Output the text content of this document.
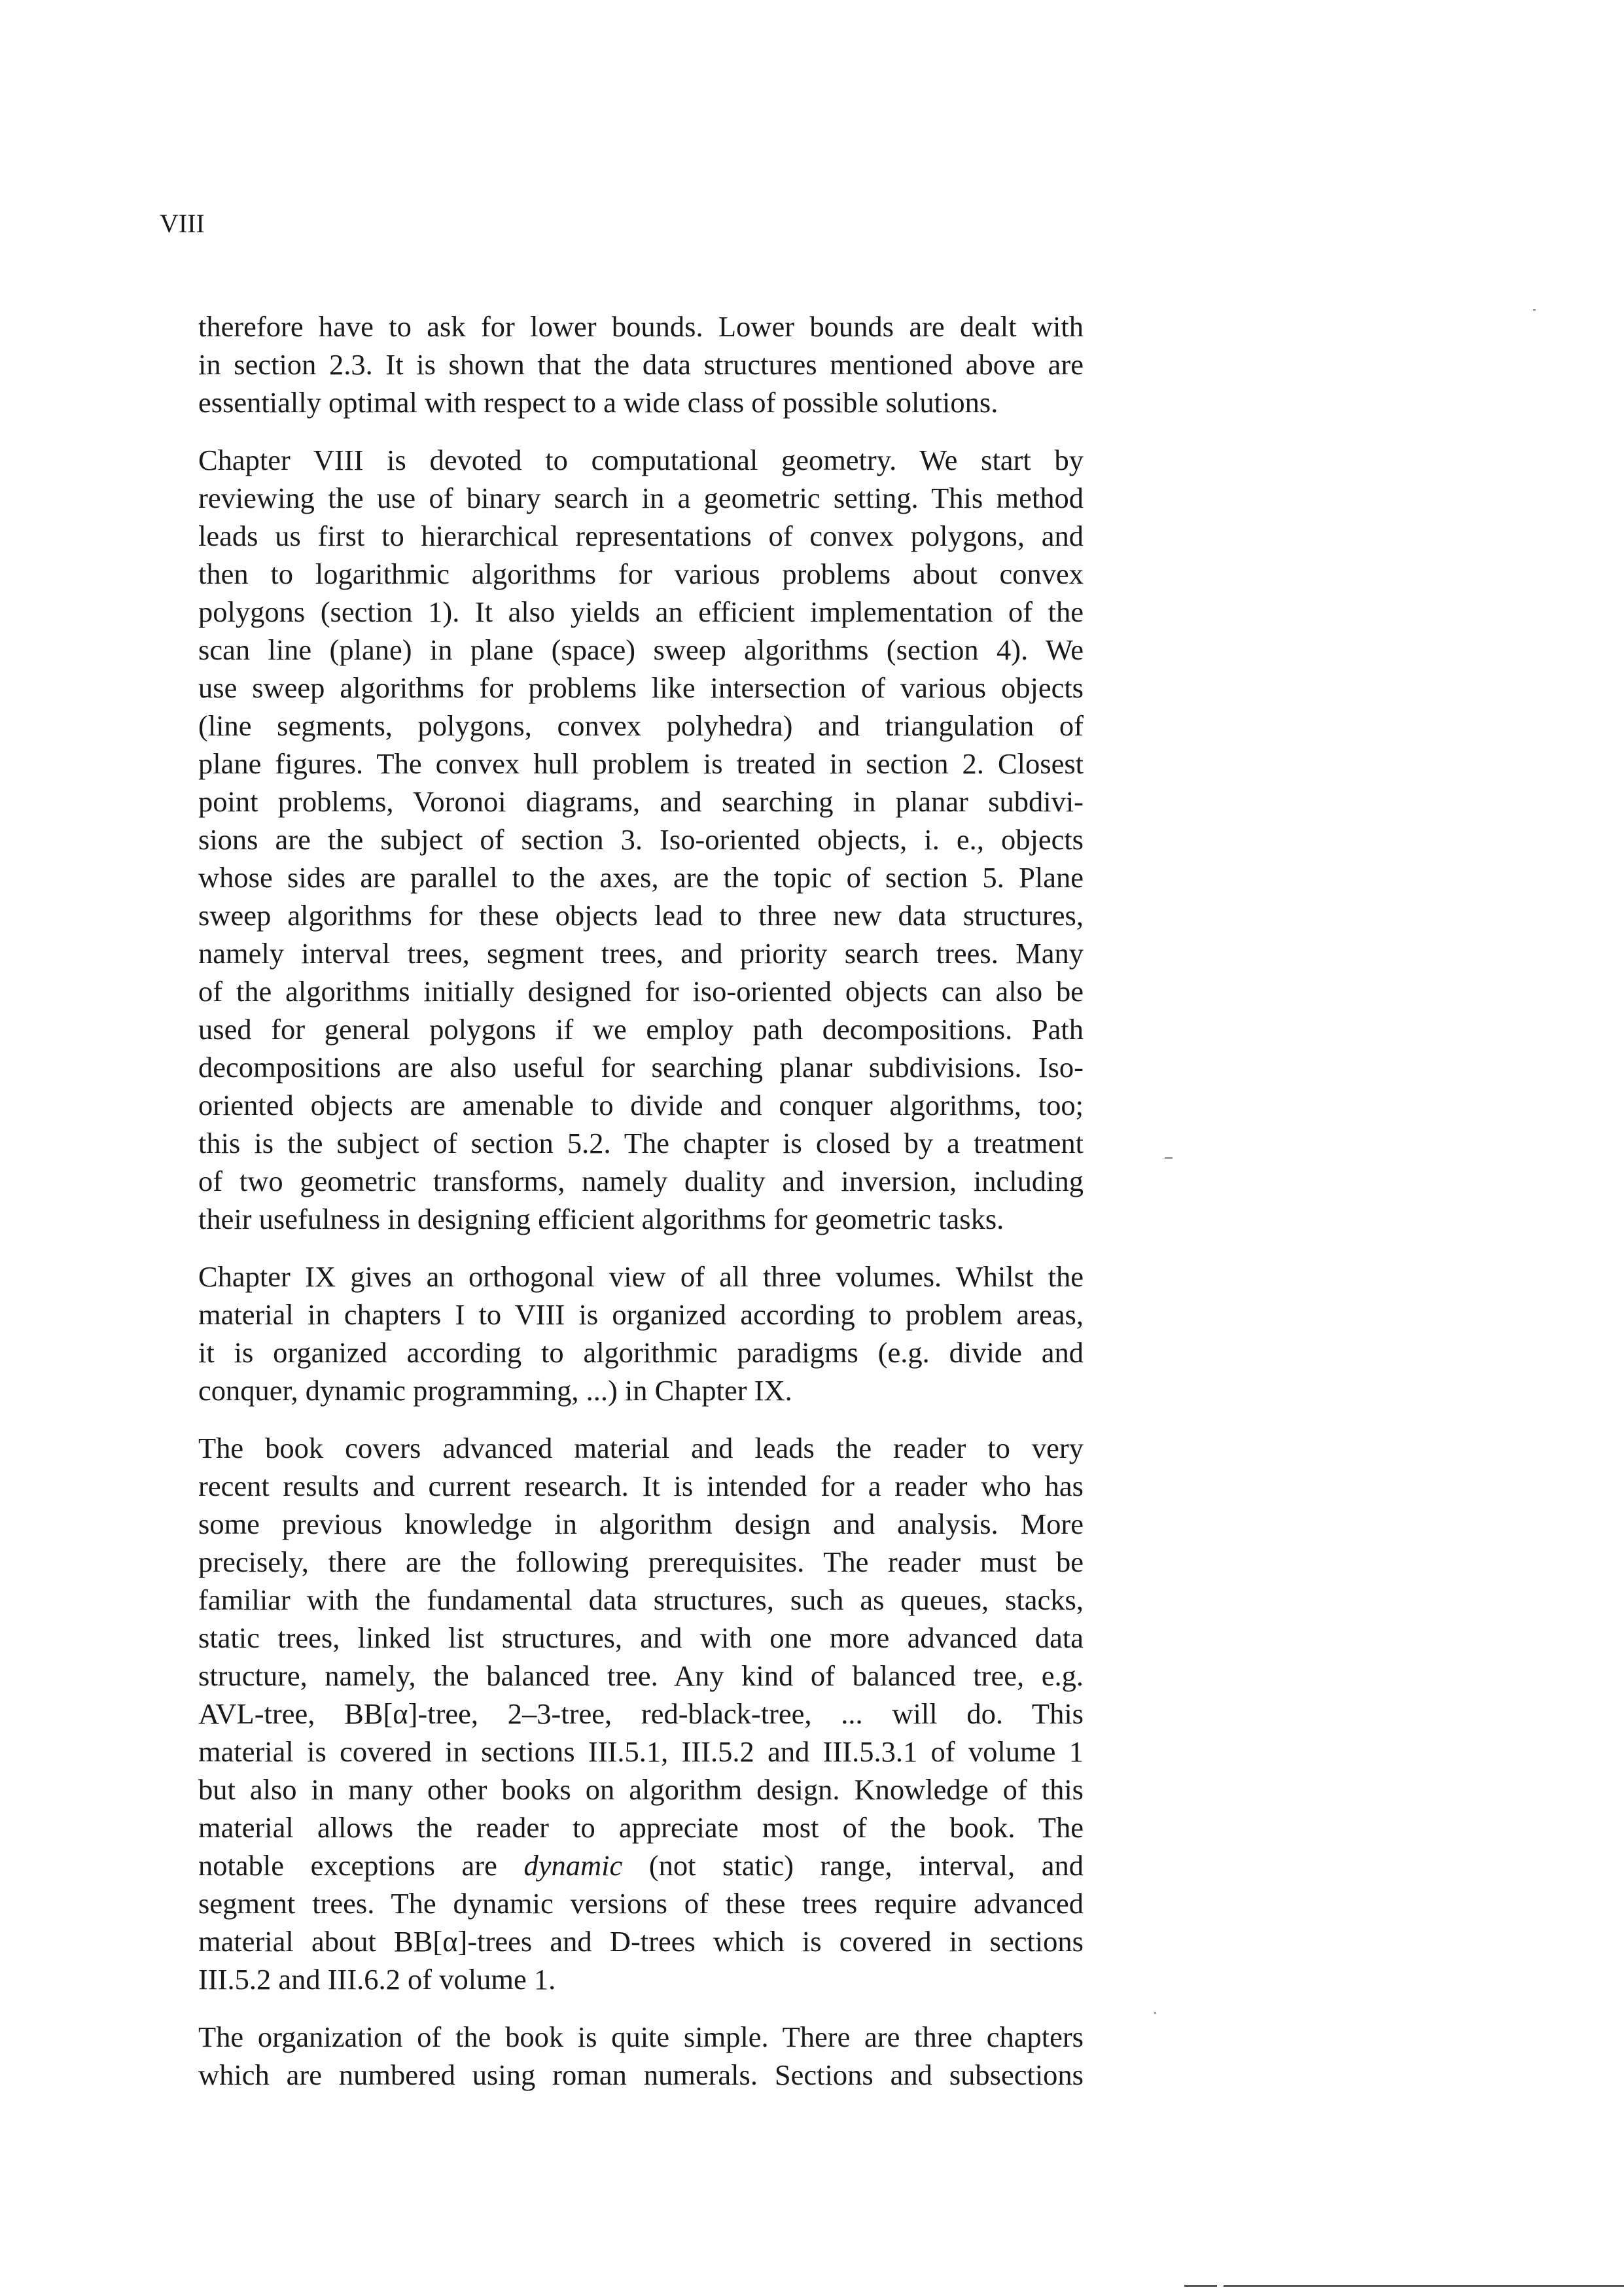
VIII

therefore have to ask for lower bounds. Lower bounds are dealt with
in section 2.3. It is shown that the data structures mentioned above are
essentially optimal with respect to a wide class of possible solutions.

Chapter VIII is devoted to computational geometry. We start by
reviewing the use of binary search in a geometric setting. This method
leads us first to hierarchical representations of convex polygons, and
then to logarithmic algorithms for various problems about convex
polygons (section 1). It also yields an efficient implementation of the
scan line (plane) in plane (space) sweep algorithms (section 4). We
use sweep algorithms for problems like intersection of various objects
(line segments, polygons, convex polyhedra) and triangulation of
plane figures. The convex hull problem is treated in section 2. Closest
point problems, Voronoi diagrams, and searching in planar subdivi-
sions are the subject of section 3. Iso-oriented objects, i. e., objects
whose sides are parallel to the axes, are the topic of section 5. Plane
sweep algorithms for these objects lead to three new data structures,
namely interval trees, segment trees, and priority search trees. Many
of the algorithms initially designed for iso-oriented objects can also be
used for general polygons if we employ path decompositions. Path
decompositions are also useful for searching planar subdivisions. Iso-
oriented objects are amenable to divide and conquer algorithms, too;
this is the subject of section 5.2. The chapter is closed by a treatment
of two geometric transforms, namely duality and inversion, including
their usefulness in designing efficient algorithms for geometric tasks.

Chapter IX gives an orthogonal view of all three volumes. Whilst the
material in chapters I to VIII is organized according to problem areas,
it is organized according to algorithmic paradigms (e.g. divide and
conquer, dynamic programming, ...) in Chapter IX.

The book covers advanced material and leads the reader to very
recent results and current research. It is intended for a reader who has
some previous knowledge in algorithm design and analysis. More
precisely, there are the following prerequisites. The reader must be
familiar with the fundamental data structures, such as queues, stacks,
static trees, linked list structures, and with one more advanced data
structure, namely, the balanced tree. Any kind of balanced tree, e.g.
AVL-tree, BB[α]-tree, 2–3-tree, red-black-tree, ... will do. This
material is covered in sections III.5.1, III.5.2 and III.5.3.1 of volume 1
but also in many other books on algorithm design. Knowledge of this
material allows the reader to appreciate most of the book. The
notable exceptions are dynamic (not static) range, interval, and
segment trees. The dynamic versions of these trees require advanced
material about BB[α]-trees and D-trees which is covered in sections
III.5.2 and III.6.2 of volume 1.

The organization of the book is quite simple. There are three chapters
which are numbered using roman numerals. Sections and subsections
